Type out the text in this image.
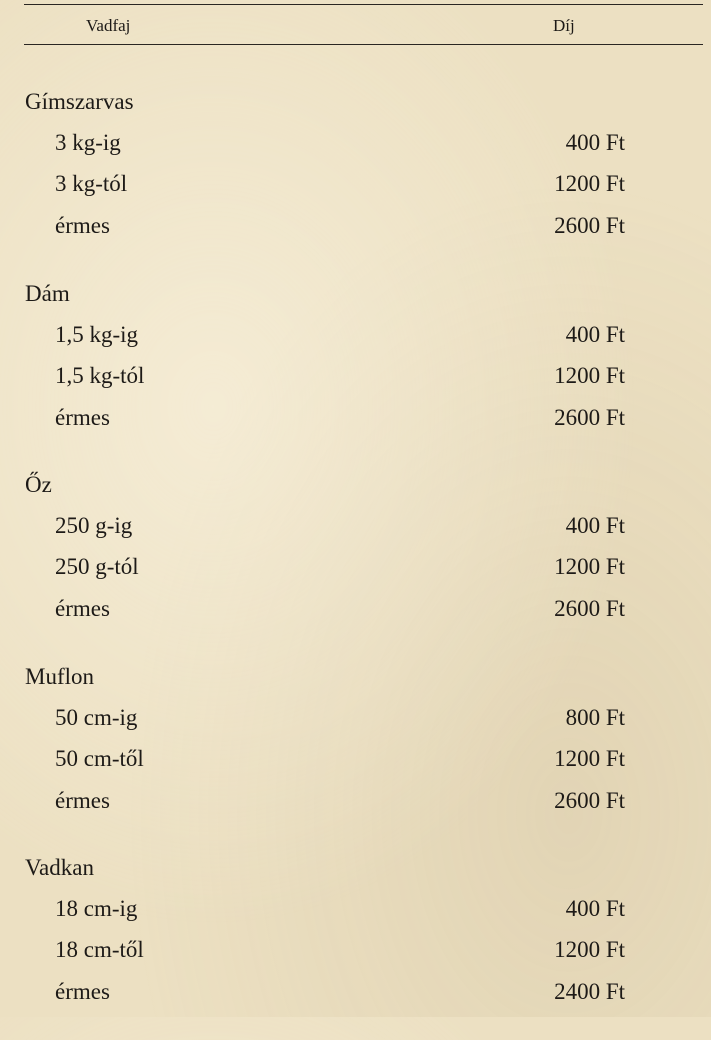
Vadfaj	Díj
Gímszarvas
3 kg-ig	400 Ft
3 kg-tól	1200 Ft
érmes	2600 Ft
Dám
1,5 kg-ig	400 Ft
1,5 kg-tól	1200 Ft
érmes	2600 Ft
Őz
250 g-ig	400 Ft
250 g-tól	1200 Ft
érmes	2600 Ft
Muflon
50 cm-ig	800 Ft
50 cm-től	1200 Ft
érmes	2600 Ft
Vadkan
18 cm-ig	400 Ft
18 cm-től	1200 Ft
érmes	2400 Ft
